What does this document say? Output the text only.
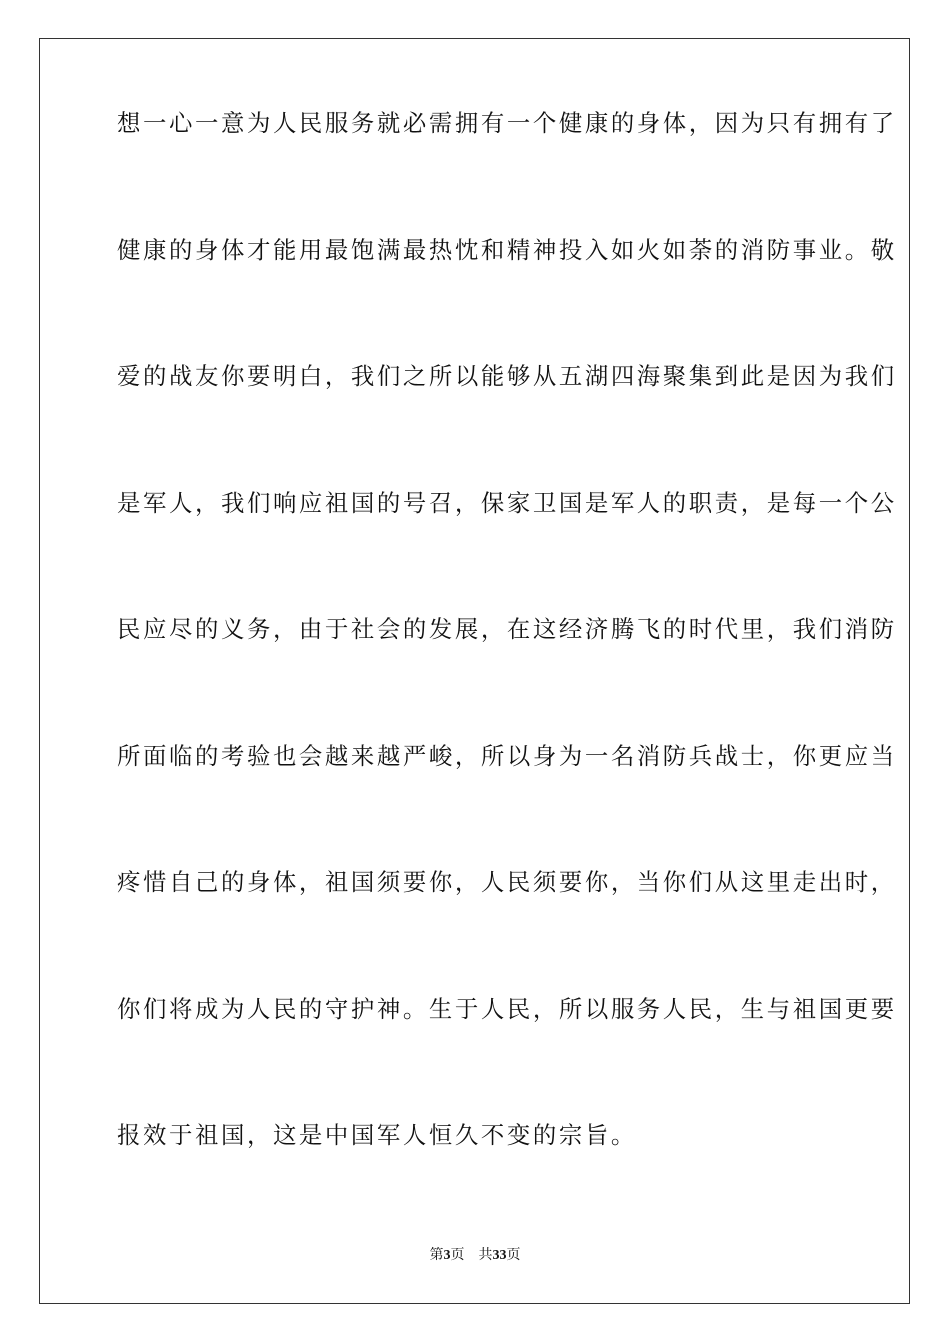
想一心一意为人民服务就必需拥有一个健康的身体，因为只有拥有了
健康的身体才能用最饱满最热忱和精神投入如火如荼的消防事业。敬
爱的战友你要明白，我们之所以能够从五湖四海聚集到此是因为我们
是军人，我们响应祖国的号召，保家卫国是军人的职责，是每一个公
民应尽的义务，由于社会的发展，在这经济腾飞的时代里，我们消防
所面临的考验也会越来越严峻，所以身为一名消防兵战士，你更应当
疼惜自己的身体，祖国须要你，人民须要你，当你们从这里走出时，
你们将成为人民的守护神。生于人民，所以服务人民，生与祖国更要
报效于祖国，这是中国军人恒久不变的宗旨。
第3页 共33页
